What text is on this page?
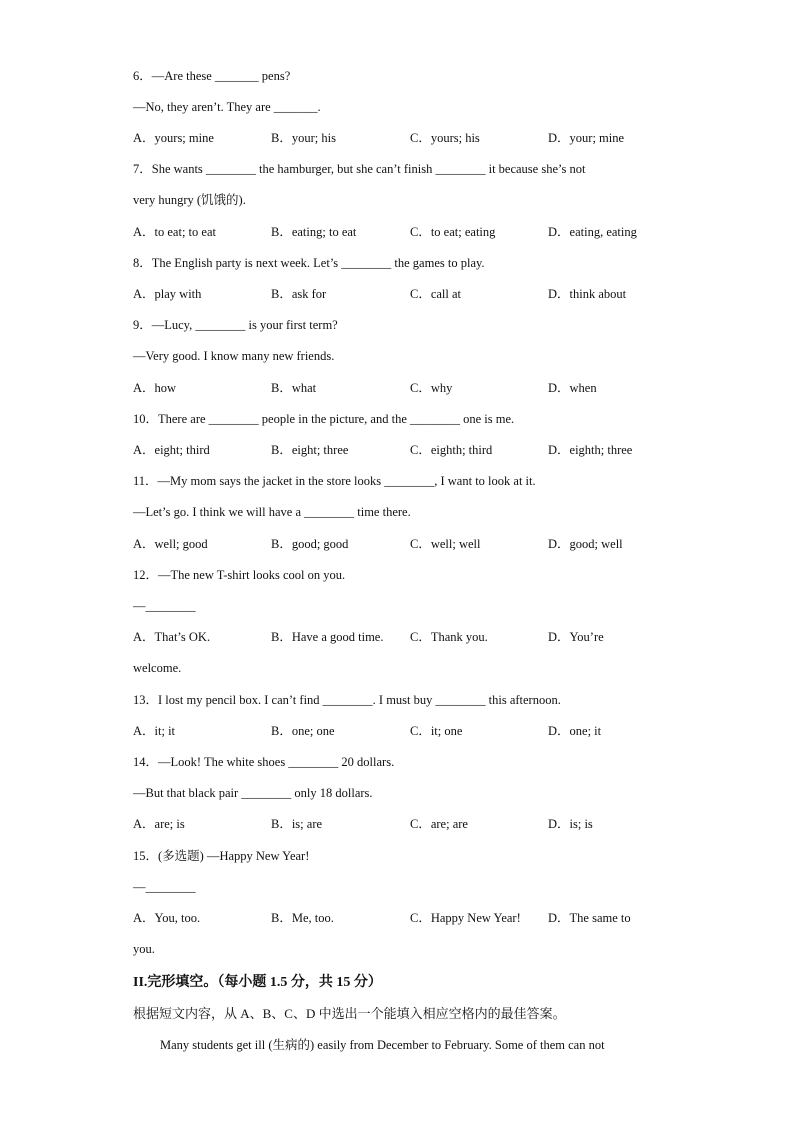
6．—Are these _______ pens?
—No, they aren’t. They are _______.
A．yours; mine	B．your; his	C．yours; his	D．your; mine
7．She wants ________ the hamburger, but she can’t finish ________ it because she’s not
very hungry (饥饿的).
A．to eat; to eat	B．eating; to eat	C．to eat; eating	D．eating, eating
8．The English party is next week. Let’s ________ the games to play.
A．play with	B．ask for	C．call at	D．think about
9．—Lucy, ________ is your first term?
—Very good. I know many new friends.
A．how	B．what	C．why	D．when
10．There are ________ people in the picture, and the ________ one is me.
A．eight; third	B．eight; three	C．eighth; third	D．eighth; three
11．—My mom says the jacket in the store looks ________, I want to look at it.
—Let’s go. I think we will have a ________ time there.
A．well; good	B．good; good	C．well; well	D．good; well
12．—The new T-shirt looks cool on you.
—________
A．That’s OK.	B．Have a good time. C．Thank you.	D．You’re
welcome.
13．I lost my pencil box. I can’t find ________. I must buy ________ this afternoon.
A．it; it	B．one; one	C．it; one	D．one; it
14．—Look! The white shoes ________ 20 dollars.
—But that black pair ________ only 18 dollars.
A．are; is	B．is; are	C．are; are	D．is; is
15．(多选题) —Happy New Year!
—________
A．You, too.	B．Me, too.	C．Happy New Year! D．The same to
you.
II.完形填空。（每小题 1.5 分，共 15 分）
根据短文内容，从 A、B、C、D 中选出一个能填入相应空格内的最佳答案。
Many students get ill (生病的) easily from December to February. Some of them can not
